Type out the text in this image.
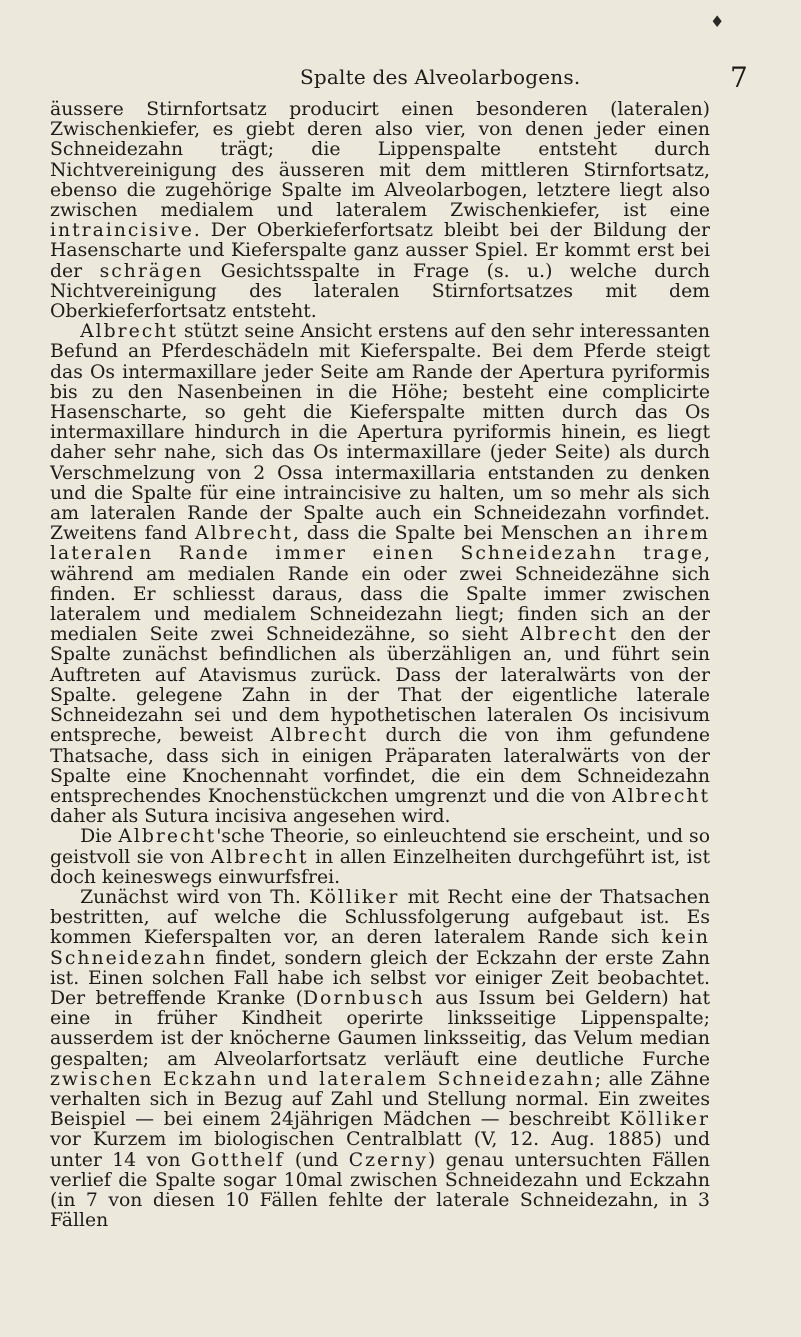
♦
Spalte des Alveolarbogens.	7

äussere Stirnfortsatz producirt einen besonderen (lateralen) Zwischenkiefer, es giebt deren also vier, von denen jeder einen Schneidezahn trägt; die Lippenspalte entsteht durch Nichtvereinigung des äusseren mit dem mittleren Stirnfortsatz, ebenso die zugehörige Spalte im Alveolarbogen, letztere liegt also zwischen medialem und lateralem Zwischenkiefer, ist eine intraincisive. Der Oberkieferfortsatz bleibt bei der Bildung der Hasenscharte und Kieferspalte ganz ausser Spiel. Er kommt erst bei der schrägen Gesichtsspalte in Frage (s. u.) welche durch Nichtvereinigung des lateralen Stirnfortsatzes mit dem Oberkieferfortsatz entsteht.

Albrecht stützt seine Ansicht erstens auf den sehr interessanten Befund an Pferdeschädeln mit Kieferspalte. Bei dem Pferde steigt das Os intermaxillare jeder Seite am Rande der Apertura pyriformis bis zu den Nasenbeinen in die Höhe; besteht eine complicirte Hasenscharte, so geht die Kieferspalte mitten durch das Os intermaxillare hindurch in die Apertura pyriformis hinein, es liegt daher sehr nahe, sich das Os intermaxillare (jeder Seite) als durch Verschmelzung von 2 Ossa intermaxillaria entstanden zu denken und die Spalte für eine intraincisive zu halten, um so mehr als sich am lateralen Rande der Spalte auch ein Schneidezahn vorfindet. Zweitens fand Albrecht, dass die Spalte bei Menschen an ihrem lateralen Rande immer einen Schneidezahn trage, während am medialen Rande ein oder zwei Schneidezähne sich finden. Er schliesst daraus, dass die Spalte immer zwischen lateralem und medialem Schneidezahn liegt; finden sich an der medialen Seite zwei Schneidezähne, so sieht Albrecht den der Spalte zunächst befindlichen als überzähligen an, und führt sein Auftreten auf Atavismus zurück. Dass der lateralwärts von der Spalte. gelegene Zahn in der That der eigentliche laterale Schneidezahn sei und dem hypothetischen lateralen Os incisivum entspreche, beweist Albrecht durch die von ihm gefundene Thatsache, dass sich in einigen Präparaten lateralwärts von der Spalte eine Knochennaht vorfindet, die ein dem Schneidezahn entsprechendes Knochenstückchen umgrenzt und die von Albrecht daher als Sutura incisiva angesehen wird.

Die Albrecht'sche Theorie, so einleuchtend sie erscheint, und so geistvoll sie von Albrecht in allen Einzelheiten durchgeführt ist, ist doch keineswegs einwurfsfrei.

Zunächst wird von Th. Kölliker mit Recht eine der Thatsachen bestritten, auf welche die Schlussfolgerung aufgebaut ist. Es kommen Kieferspalten vor, an deren lateralem Rande sich kein Schneidezahn findet, sondern gleich der Eckzahn der erste Zahn ist. Einen solchen Fall habe ich selbst vor einiger Zeit beobachtet. Der betreffende Kranke (Dornbusch aus Issum bei Geldern) hat eine in früher Kindheit operirte linksseitige Lippenspalte; ausserdem ist der knöcherne Gaumen linksseitig, das Velum median gespalten; am Alveolarfortsatz verläuft eine deutliche Furche zwischen Eckzahn und lateralem Schneidezahn; alle Zähne verhalten sich in Bezug auf Zahl und Stellung normal. Ein zweites Beispiel — bei einem 24jährigen Mädchen — beschreibt Kölliker vor Kurzem im biologischen Centralblatt (V, 12. Aug. 1885) und unter 14 von Gotthelf (und Czerny) genau untersuchten Fällen verlief die Spalte sogar 10mal zwischen Schneidezahn und Eckzahn (in 7 von diesen 10 Fällen fehlte der laterale Schneidezahn, in 3 Fällen
